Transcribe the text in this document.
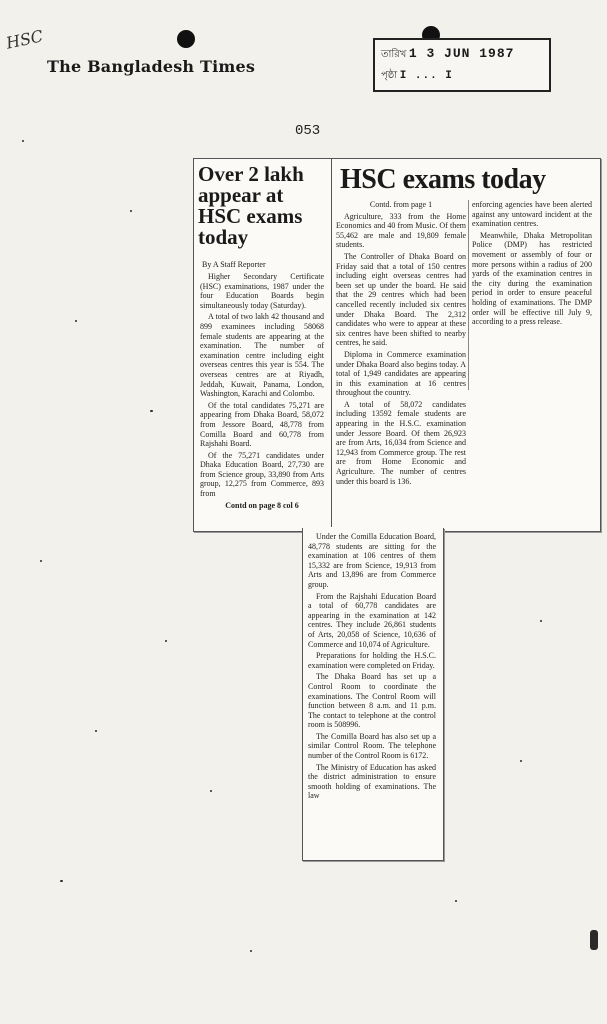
HSC
The Bangladesh Times
তারিখ 1 3 JUN 1987
পৃষ্ঠা I ... I
053
Over 2 lakh appear at HSC exams today
By A Staff Reporter

Higher Secondary Certificate (HSC) examinations, 1987 under the four Education Boards begin simultaneously today (Saturday).

A total of two lakh 42 thousand and 899 examinees including 58068 female students are appearing at the examination. The number of examination centre including eight overseas centres this year is 554. The overseas centres are at Riyadh, Jeddah, Kuwait, Panama, London, Washington, Karachi and Colombo.

Of the total candidates 75,271 are appearing from Dhaka Board, 58,072 from Jessore Board, 48,778 from Comilla Board and 60,778 from Rajshahi Board.

Of the 75,271 candidates under Dhaka Education Board, 27,730 are from Science group, 33,890 from Arts group, 12,275 from Commerce, 893 from

Contd on page 8 col 6

HSC exams today

Contd. from page 1

Agriculture, 333 from the Home Economics and 40 from Music. Of them 55,462 are male and 19,809 female students.

The Controller of Dhaka Board on Friday said that a total of 150 centres including eight overseas centres had been set up under the board. He said that the 29 centres which had been cancelled recently included six centres under Dhaka Board. The 2,312 candidates who were to appear at these six centres have been shifted to nearby centres, he said.

Diploma in Commerce examination under Dhaka Board also begins today. A total of 1,949 candidates are appearing in this examination at 16 centres throughout the country.

A total of 58,072 candidates including 13592 female students are appearing in the H.S.C. examination under Jessore Board. Of them 26,923 are from Arts, 16,034 from Science and 12,943 from Commerce group. The rest are from Home Economic and Agriculture. The number of centres under this board is 136.

Under the Comilla Education Board, 48,778 students are sitting for the examination at 106 centres of them 15,332 are from Science, 19,913 from Arts and 13,896 are from Commerce group.

From the Rajshahi Education Board a total of 60,778 candidates are appearing in the examination at 142 centres. They include 26,861 students of Arts, 20,058 of Science, 10,636 of Commerce and 10,074 of Agriculture.

Preparations for holding the H.S.C. examination were completed on Friday.

The Dhaka Board has set up a Control Room to coordinate the examinations. The Control Room will function between 8 a.m. and 11 p.m. The contact to telephone at the control room is 508996.

The Comilla Board has also set up a similar Control Room. The telephone number of the Control Room is 6172.

The Ministry of Education has asked the district administration to ensure smooth holding of examinations. The law

enforcing agencies have been alerted against any untoward incident at the examination centres.

Meanwhile, Dhaka Metropolitan Police (DMP) has restricted movement or assembly of four or more persons within a radius of 200 yards of the examination centres in the city during the examination period in order to ensure peaceful holding of examinations. The DMP order will be effective till July 9, according to a press release.
